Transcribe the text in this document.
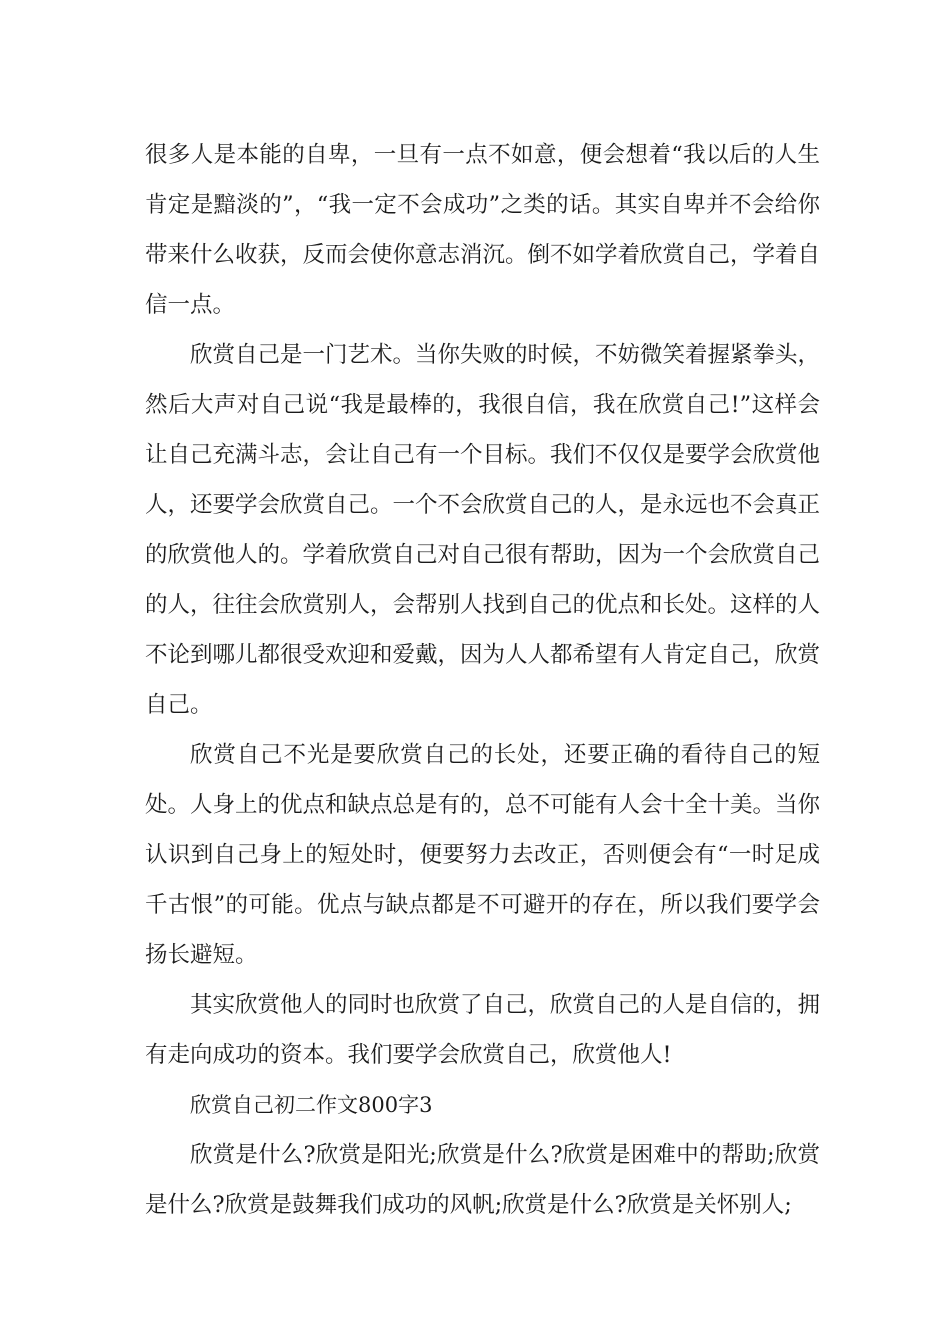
很多人是本能的自卑，一旦有一点不如意，便会想着“我以后的人生肯定是黯淡的”，“我一定不会成功”之类的话。其实自卑并不会给你带来什么收获，反而会使你意志消沉。倒不如学着欣赏自己，学着自信一点。

欣赏自己是一门艺术。当你失败的时候，不妨微笑着握紧拳头，然后大声对自己说“我是最棒的，我很自信，我在欣赏自己!”这样会让自己充满斗志，会让自己有一个目标。我们不仅仅是要学会欣赏他人，还要学会欣赏自己。一个不会欣赏自己的人，是永远也不会真正的欣赏他人的。学着欣赏自己对自己很有帮助，因为一个会欣赏自己的人，往往会欣赏别人，会帮别人找到自己的优点和长处。这样的人不论到哪儿都很受欢迎和爱戴，因为人人都希望有人肯定自己，欣赏自己。

欣赏自己不光是要欣赏自己的长处，还要正确的看待自己的短处。人身上的优点和缺点总是有的，总不可能有人会十全十美。当你认识到自己身上的短处时，便要努力去改正，否则便会有“一时足成千古恨”的可能。优点与缺点都是不可避开的存在，所以我们要学会扬长避短。

其实欣赏他人的同时也欣赏了自己，欣赏自己的人是自信的，拥有走向成功的资本。我们要学会欣赏自己，欣赏他人!

欣赏自己初二作文800字3

欣赏是什么?欣赏是阳光;欣赏是什么?欣赏是困难中的帮助;欣赏是什么?欣赏是鼓舞我们成功的风帆;欣赏是什么?欣赏是关怀别人;
